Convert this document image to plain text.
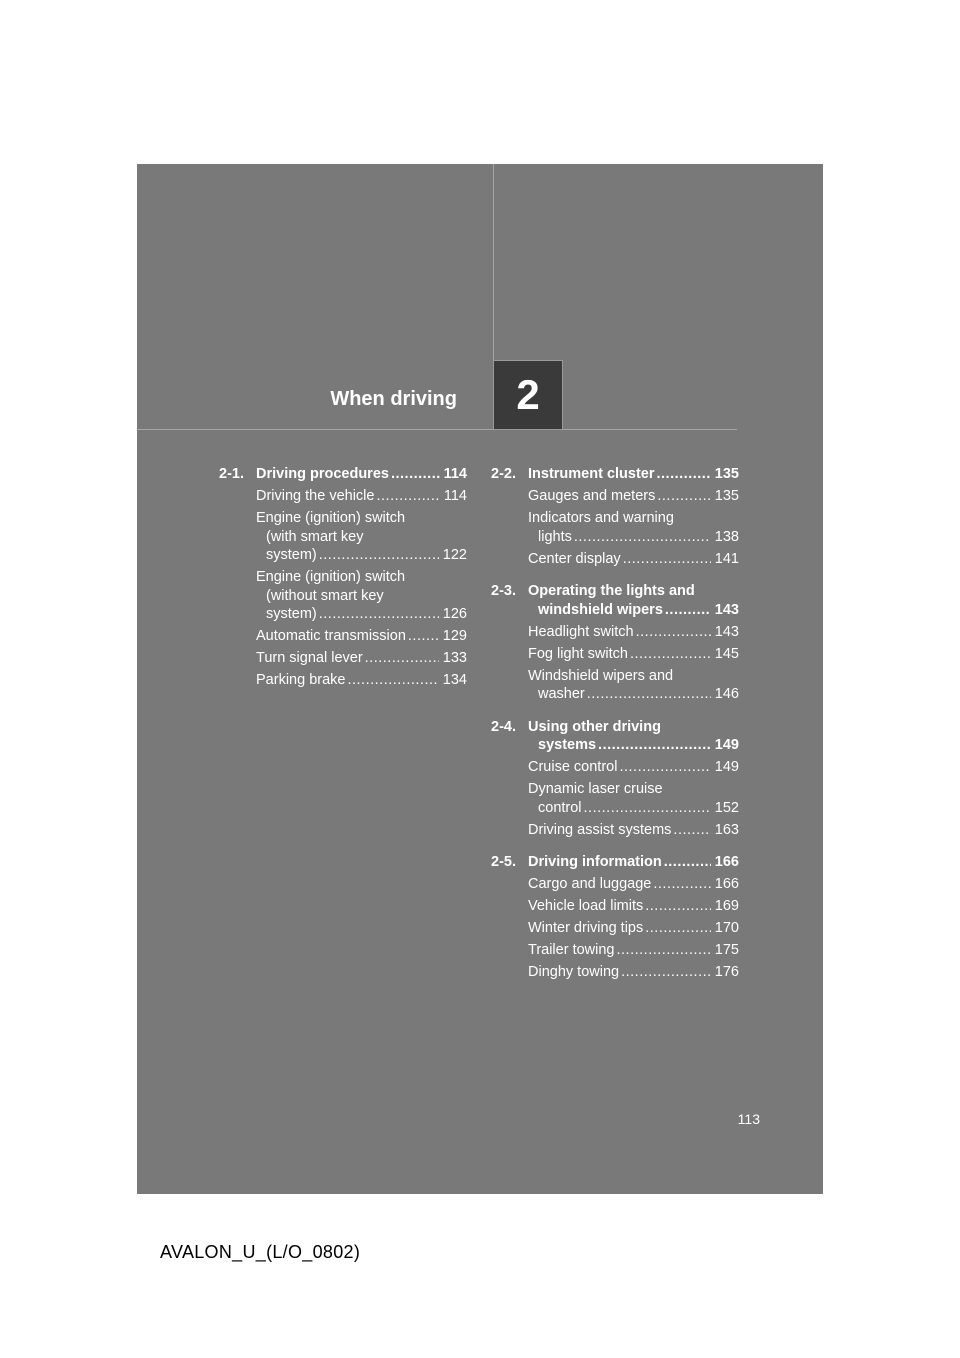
When driving 2
2-1. Driving procedures .....	114
Driving the vehicle .....	114
Engine (ignition) switch
(with smart key
system) .....	122
Engine (ignition) switch
(without smart key
system) .....	126
Automatic transmission .....	129
Turn signal lever .....	133
Parking brake .....	134
2-2. Instrument cluster .....	135
Gauges and meters .....	135
Indicators and warning
lights .....	138
Center display .....	141
2-3. Operating the lights and
windshield wipers .....	143
Headlight switch .....	143
Fog light switch .....	145
Windshield wipers and
washer .....	146
2-4. Using other driving
systems .....	149
Cruise control .....	149
Dynamic laser cruise
control .....	152
Driving assist systems .....	163
2-5. Driving information .....	166
Cargo and luggage .....	166
Vehicle load limits .....	169
Winter driving tips .....	170
Trailer towing .....	175
Dinghy towing .....	176
113
AVALON_U_(L/O_0802)
